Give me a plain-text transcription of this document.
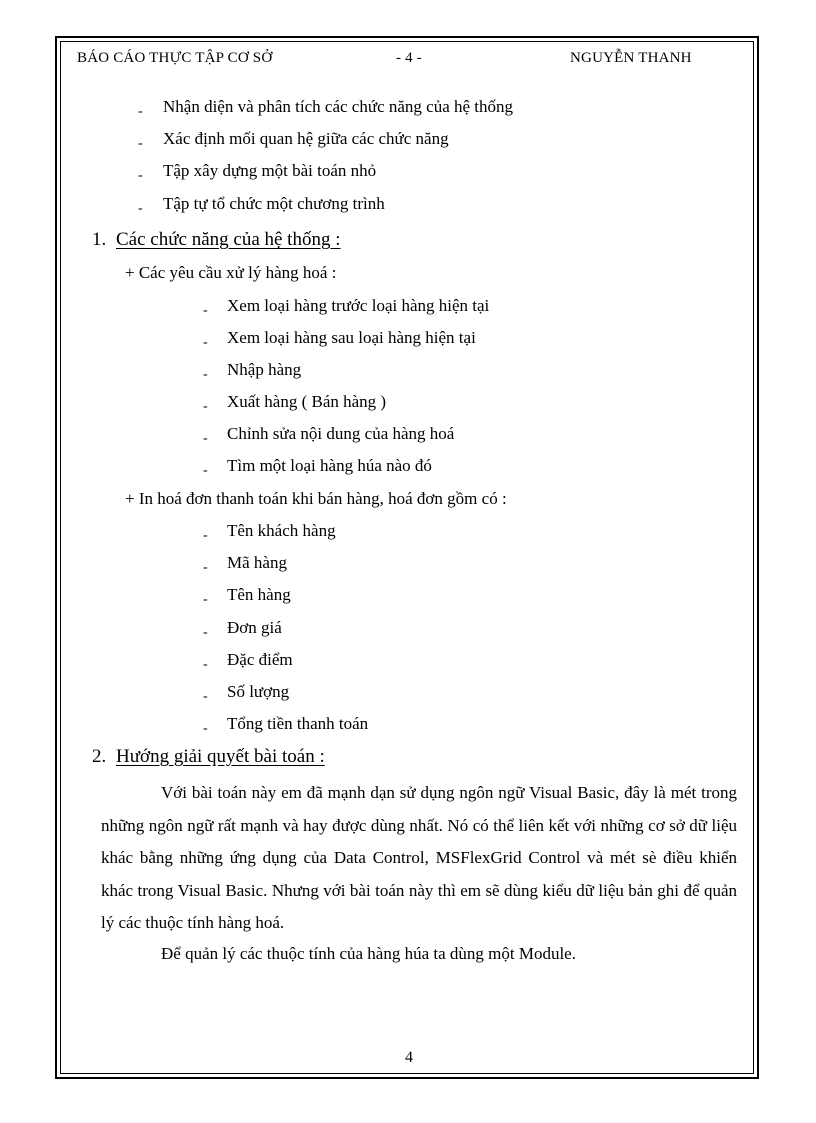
BÁO CÁO THỰC TẬP CƠ SỞ	- 4 -	NGUYỄN THANH
- Nhận diện và phân tích các chức năng của hệ thống
- Xác định mối quan hệ giữa các chức năng
- Tập xây dựng một bài toán nhỏ
- Tập tự tổ chức một chương trình
1. Các chức năng của hệ thống :
+ Các yêu cầu xử lý hàng hoá :
- Xem loại hàng trước loại hàng hiện tại
- Xem loại hàng sau loại hàng hiện tại
- Nhập hàng
- Xuất hàng ( Bán hàng )
- Chỉnh sửa nội dung của hàng hoá
- Tìm một loại hàng húa nào đó
+ In hoá đơn thanh toán khi bán hàng, hoá đơn gồm có :
- Tên khách hàng
- Mã hàng
- Tên hàng
- Đơn giá
- Đặc điểm
- Số lượng
- Tổng tiền thanh toán
2. Hướng giải quyết bài toán :
Với bài toán này em đã mạnh dạn sử dụng ngôn ngữ Visual Basic, đây là mét trong những ngôn ngữ rất mạnh và hay được dùng nhất. Nó có thể liên kết với những cơ sở dữ liệu khác bằng những ứng dụng của Data Control, MSFlexGrid Control và mét sè điều khiển khác trong Visual Basic. Nhưng với bài toán này thì em sẽ dùng kiểu dữ liệu bản ghi để quản lý các thuộc tính hàng hoá.
Để quản lý các thuộc tính của hàng húa ta dùng một Module.
4
